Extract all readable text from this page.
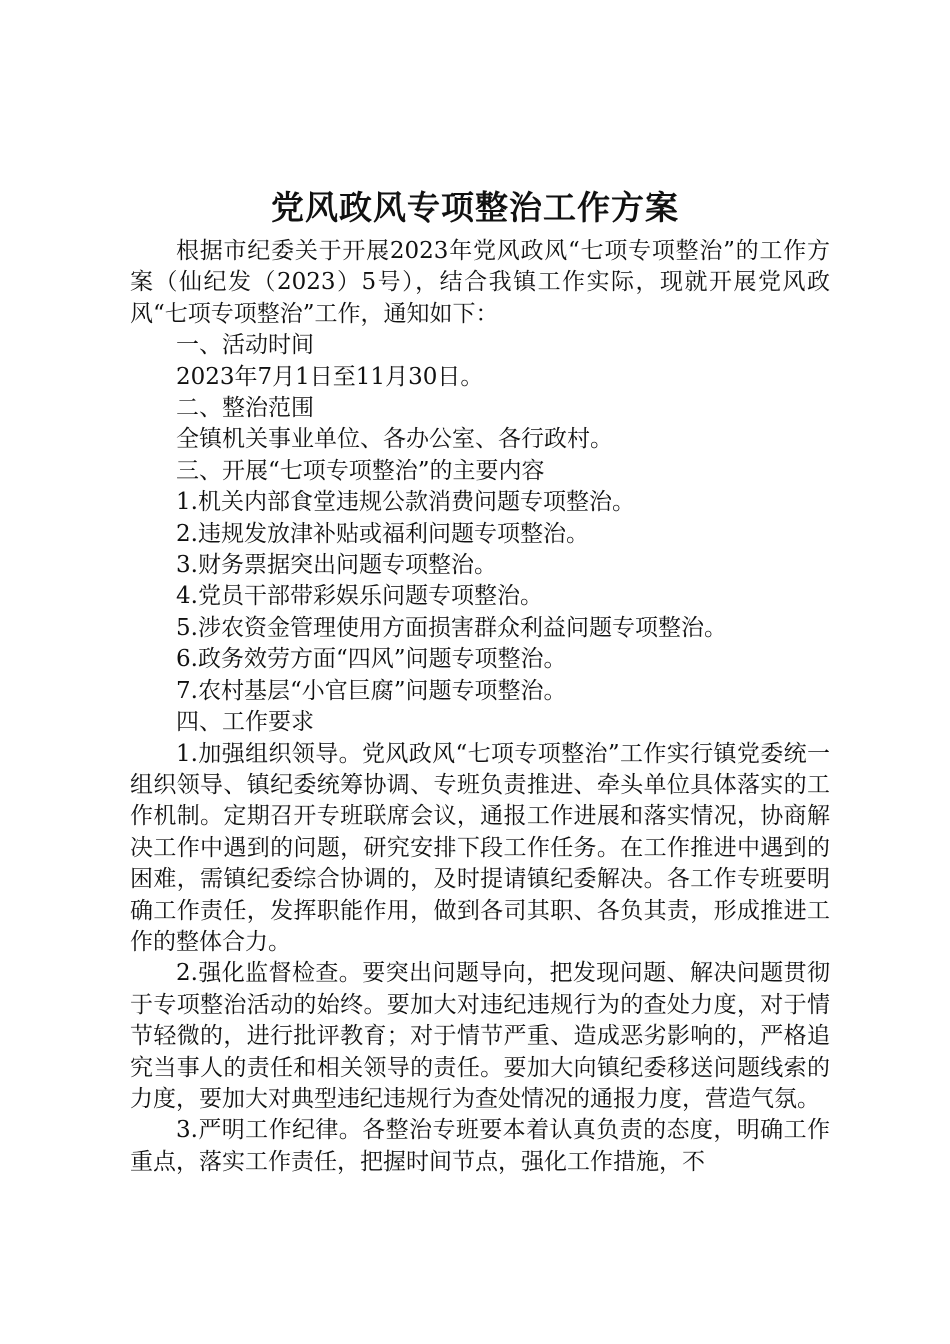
党风政风专项整治工作方案

根据市纪委关于开展2023年党风政风“七项专项整治”的工作方案（仙纪发（2023）5号），结合我镇工作实际，现就开展党风政风“七项专项整治”工作，通知如下：

一、活动时间

2023年7月1日至11月30日。

二、整治范围

全镇机关事业单位、各办公室、各行政村。

三、开展“七项专项整治”的主要内容

1.机关内部食堂违规公款消费问题专项整治。

2.违规发放津补贴或福利问题专项整治。

3.财务票据突出问题专项整治。

4.党员干部带彩娱乐问题专项整治。

5.涉农资金管理使用方面损害群众利益问题专项整治。

6.政务效劳方面“四风”问题专项整治。

7.农村基层“小官巨腐”问题专项整治。

四、工作要求

1.加强组织领导。党风政风“七项专项整治”工作实行镇党委统一组织领导、镇纪委统筹协调、专班负责推进、牵头单位具体落实的工作机制。定期召开专班联席会议，通报工作进展和落实情况，协商解决工作中遇到的问题，研究安排下段工作任务。在工作推进中遇到的困难，需镇纪委综合协调的，及时提请镇纪委解决。各工作专班要明确工作责任，发挥职能作用，做到各司其职、各负其责，形成推进工作的整体合力。

2.强化监督检查。要突出问题导向，把发现问题、解决问题贯彻于专项整治活动的始终。要加大对违纪违规行为的查处力度，对于情节轻微的，进行批评教育；对于情节严重、造成恶劣影响的，严格追究当事人的责任和相关领导的责任。要加大向镇纪委移送问题线索的力度，要加大对典型违纪违规行为查处情况的通报力度，营造气氛。

3.严明工作纪律。各整治专班要本着认真负责的态度，明确工作重点，落实工作责任，把握时间节点，强化工作措施，不
